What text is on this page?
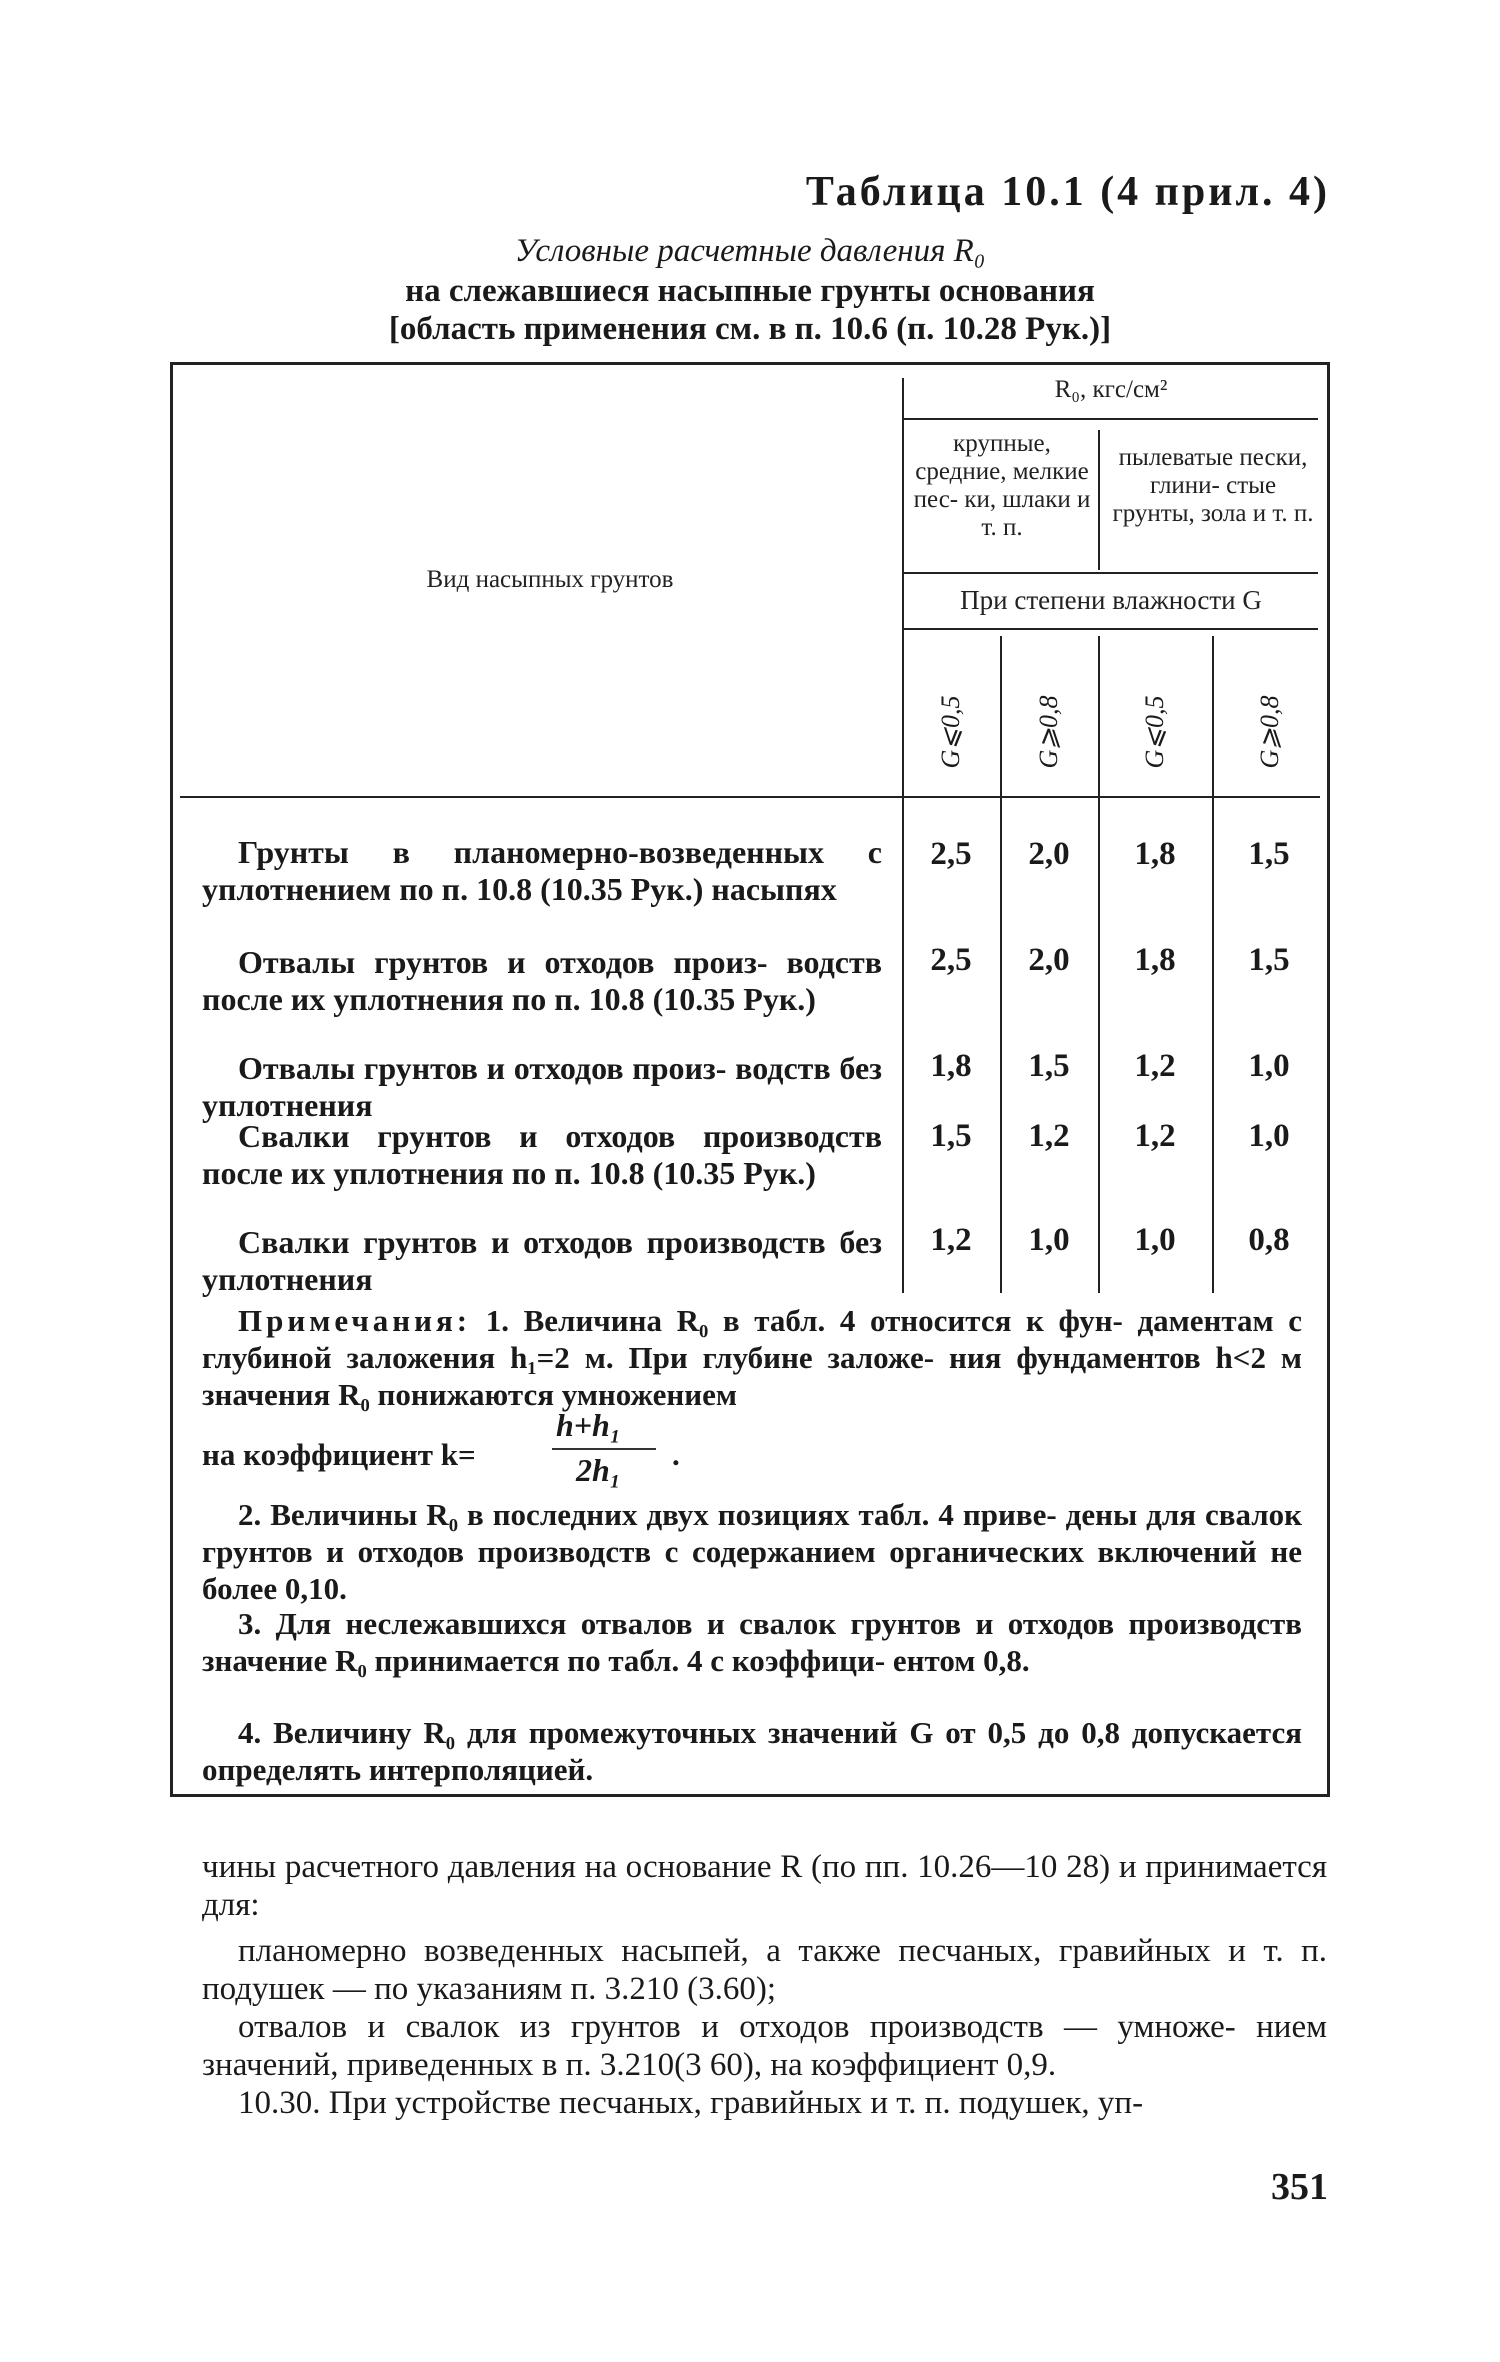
Таблица 10.1 (4 прил. 4)
Условные расчетные давления R₀
на слежавшиеся насыпные грунты основания
[область применения см. в п. 10.6 (п. 10.28 Рук.)]
Вид насыпных грунтов
R₀, кгс/см²
крупные, средние, мелкие пес- ки, шлаки и т. п.
пылеватые пески, глини- стые грунты, зола и т. п.
При степени влажности G
G⩽0,5	G⩾0,8	G⩽0,5	G⩾0,8
Грунты в планомерно-возведенных с уплотнением по п. 10.8 (10.35 Рук.) насыпях
2,5	2,0	1,8	1,5
Отвалы грунтов и отходов произ- водств после их уплотнения по п. 10.8 (10.35 Рук.)
2,5	2,0	1,8	1,5
Отвалы грунтов и отходов произ- водств без уплотнения
1,8	1,5	1,2	1,0
Свалки грунтов и отходов производств после их уплотнения по п. 10.8 (10.35 Рук.)
1,5	1,2	1,2	1,0
Свалки грунтов и отходов производств без уплотнения
1,2	1,0	1,0	0,8
Примечания: 1. Величина R₀ в табл. 4 относится к фун- даментам с глубиной заложения h₁=2 м. При глубине заложе- ния фундаментов h<2 м значения R₀ понижаются умножением
на коэффициент k=
h+h₁
2h₁ .
2. Величины R₀ в последних двух позициях табл. 4 приве- дены для свалок грунтов и отходов производств с содержанием органических включений не более 0,10.
3. Для неслежавшихся отвалов и свалок грунтов и отходов производств значение R₀ принимается по табл. 4 с коэффици- ентом 0,8.
4. Величину R₀ для промежуточных значений G от 0,5 до 0,8 допускается определять интерполяцией.
чины расчетного давления на основание R (по пп. 10.26—10 28) и принимается для:
планомерно возведенных насыпей, а также песчаных, гравийных и т. п. подушек — по указаниям п. 3.210 (3.60);
отвалов и свалок из грунтов и отходов производств — умноже- нием значений, приведенных в п. 3.210(3 60), на коэффициент 0,9.
10.30. При устройстве песчаных, гравийных и т. п. подушек, уп-
351
